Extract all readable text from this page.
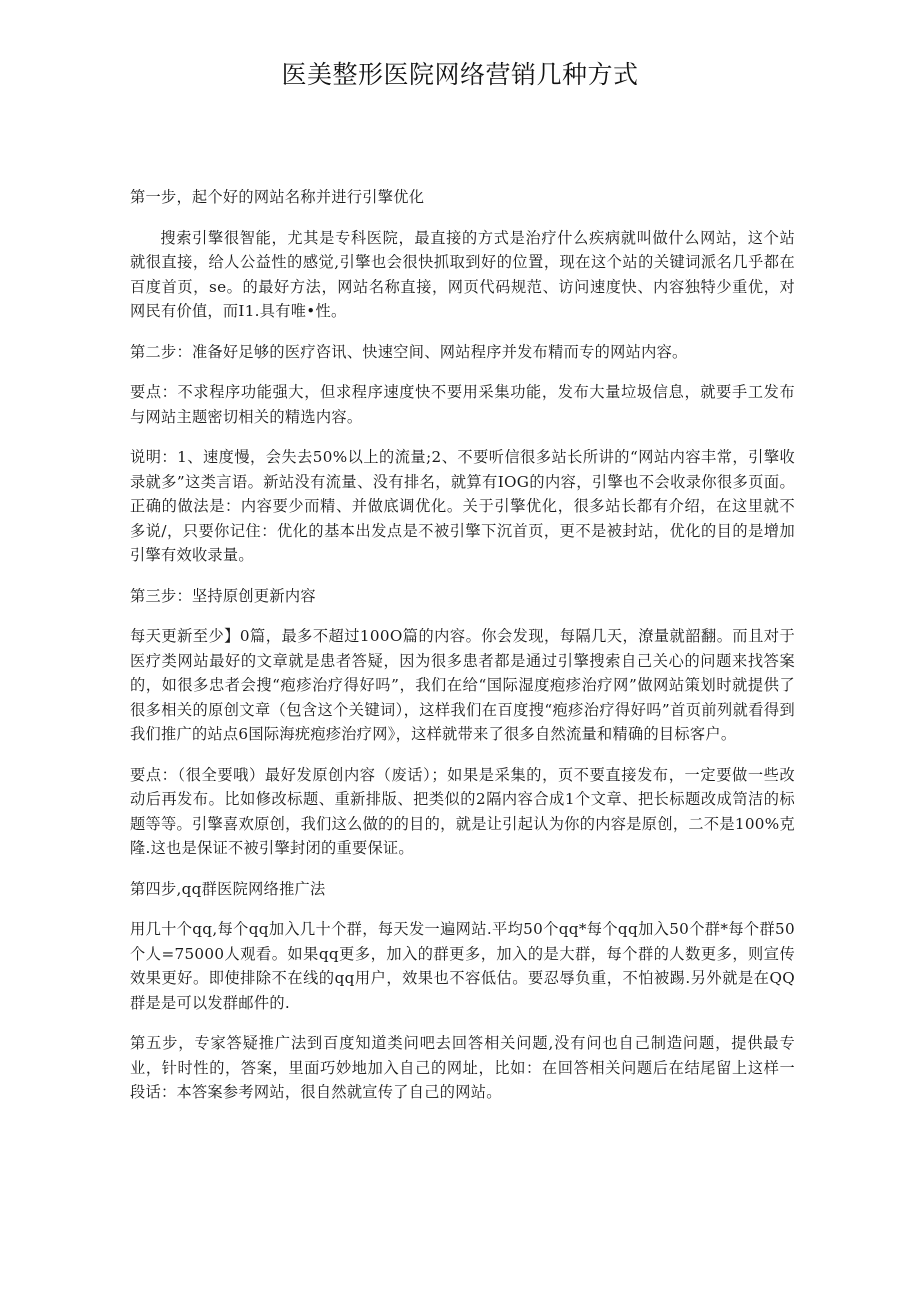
医美整形医院网络营销几种方式

第一步，起个好的网站名称并进行引擎优化

搜索引擎很智能，尤其是专科医院，最直接的方式是治疗什么疾病就叫做什么网站，这个站就很直接，给人公益性的感觉,引擎也会很快抓取到好的位置，现在这个站的关键词派名几乎都在百度首页，se。的最好方法，网站名称直接，网页代码规范、访问速度快、内容独特少重优，对网民有价值，而I1.具有唯•性。

第二步：准备好足够的医疗咨讯、快速空间、网站程序并发布精而专的网站内容。

要点：不求程序功能强大，但求程序速度快不要用采集功能，发布大量垃圾信息，就要手工发布与网站主题密切相关的精选内容。

说明：1、速度慢，会失去50%以上的流量;2、不要听信很多站长所讲的“网站内容丰常，引擎收录就多”这类言语。新站没有流量、没有排名，就算有IOG的内容，引擎也不会收录你很多页面。正确的做法是：内容要少而精、并做底调优化。关于引擎优化，很多站长都有介绍，在这里就不多说/，只要你记住：优化的基本出发点是不被引擎下沉首页，更不是被封站，优化的目的是增加引擎有效收录量。

第三步：坚持原创更新内容

每天更新至少】0篇，最多不超过100O篇的内容。你会发现，每隔几天，潦量就韶翻。而且对于医疗类网站最好的文章就是患者答疑，因为很多患者都是通过引擎搜索自己关心的问题来找答案的，如很多忠者会搜“疱疹治疗得好吗”，我们在给“国际湿度疱疹治疗网”做网站策划时就提供了很多相关的原创文章（包含这个关键词），这样我们在百度搜“疱疹治疗得好吗”首页前列就看得到我们推广的站点6国际海疣疱疹治疗网》，这样就带来了很多自然流量和精确的目标客户。

要点：（很全要哦）最好发原创内容（废话）；如果是采集的，页不要直接发布，一定要做一些改动后再发布。比如修改标题、重新排版、把类似的2隔内容合成1个文章、把长标题改成笥洁的标题等等。引擎喜欢原创，我们这么做的的目的，就是让引起认为你的内容是原创，二不是100%克隆.这也是保证不被引擎封闭的重要保证。

第四步,qq群医院网络推广法

用几十个qq,每个qq加入几十个群，每天发一遍网站.平均50个qq*每个qq加入50个群*每个群50个人=75000人观看。如果qq更多，加入的群更多，加入的是大群，每个群的人数更多，则宣传效果更好。即使排除不在线的qq用户，效果也不容低估。要忍辱负重，不怕被踢.另外就是在QQ群是是可以发群邮件的.

第五步，专家答疑推广法到百度知道类问吧去回答相关问题,没有问也自己制造问题，提供最专业，针时性的，答案，里面巧妙地加入自己的网址，比如：在回答相关问题后在结尾留上这样一段话：本答案参考网站，很自然就宣传了自己的网站。
